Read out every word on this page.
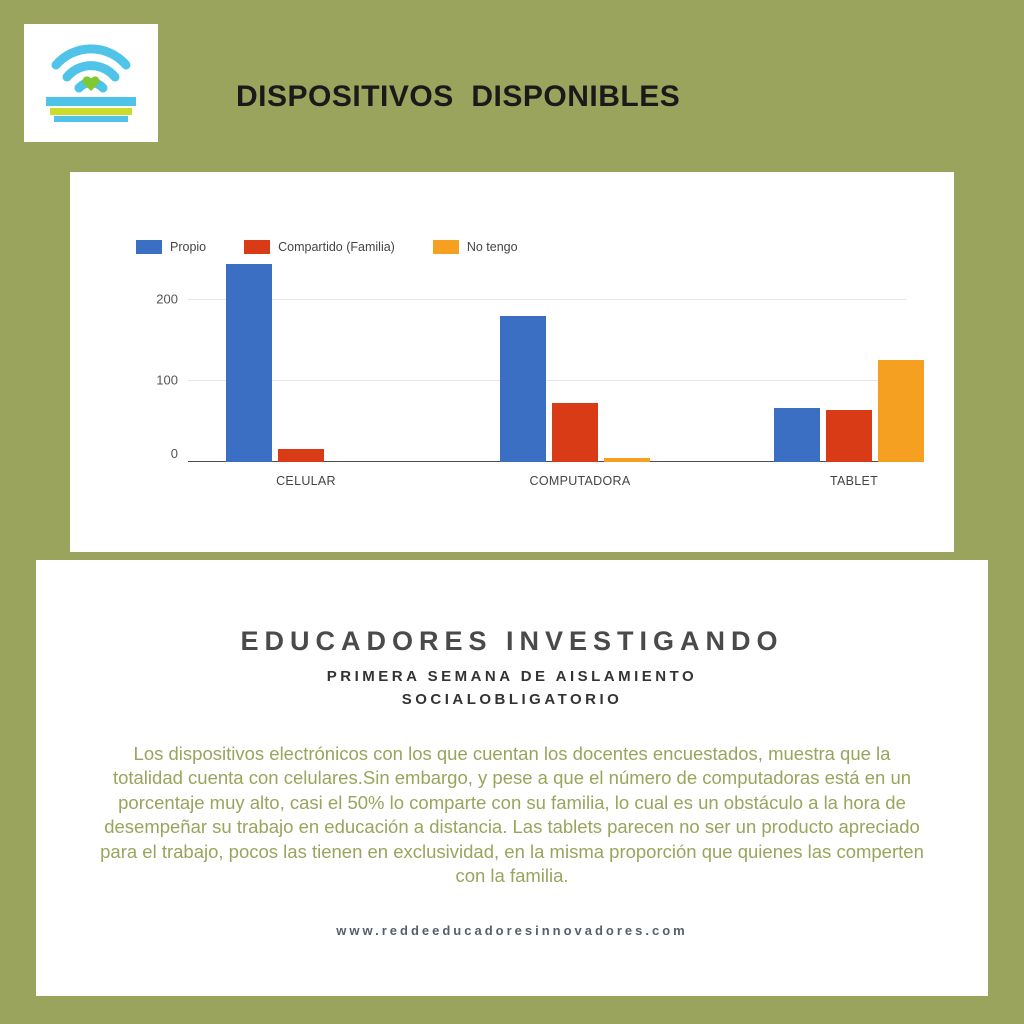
DISPOSITIVOS  DISPONIBLES
Propio	Compartido (Familia)	No tengo
200
100
0
CELULAR	COMPUTADORA	TABLET
EDUCADORES INVESTIGANDO
PRIMERA SEMANA DE AISLAMIENTO
SOCIALOBLIGATORIO
Los dispositivos electrónicos con los que cuentan los docentes encuestados, muestra que la totalidad cuenta con celulares.Sin embargo, y pese a que el número de computadoras está en un porcentaje muy alto, casi el 50% lo comparte con su familia, lo cual es un obstáculo a la hora de desempeñar su trabajo en educación a distancia. Las tablets parecen no ser un producto apreciado para el trabajo, pocos las tienen en exclusividad, en la misma proporción que quienes las comperten con la familia.
www.reddeeducadoresinnovadores.com
